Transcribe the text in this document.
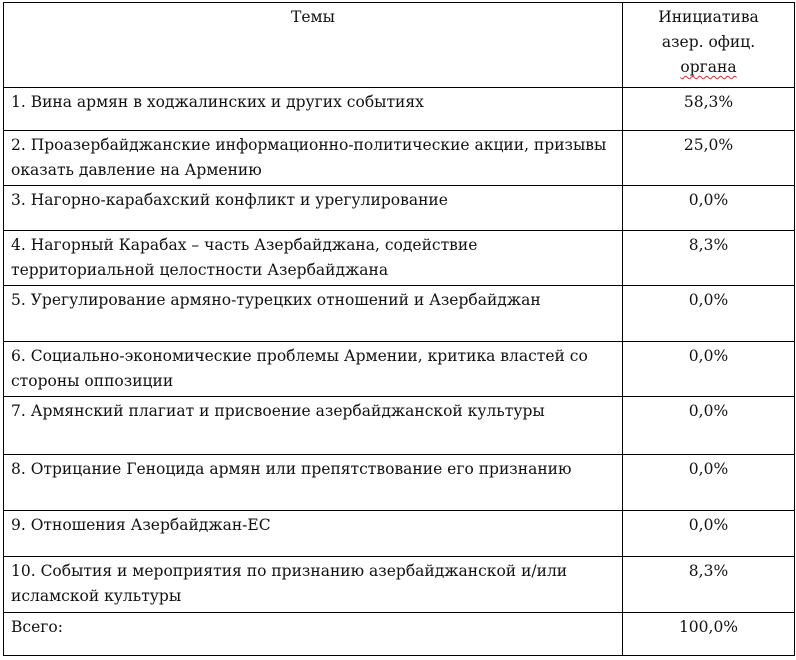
Темы	Инициатива
азер. офиц.
органа
1. Вина армян в ходжалинских и других событиях	58,3%
2. Проазербайджанские информационно-политические акции, призывы оказать давление на Армению	25,0%
3. Нагорно-карабахский конфликт и урегулирование	0,0%
4. Нагорный Карабах – часть Азербайджана, содействие территориальной целостности Азербайджана	8,3%
5. Урегулирование армяно-турецких отношений и Азербайджан	0,0%
6. Социально-экономические проблемы Армении, критика властей со стороны оппозиции	0,0%
7. Армянский плагиат и присвоение азербайджанской культуры	0,0%
8. Отрицание Геноцида армян или препятствование его признанию	0,0%
9. Отношения Азербайджан-ЕС	0,0%
10. События и мероприятия по признанию азербайджанской и/или исламской культуры	8,3%
Всего:	100,0%
